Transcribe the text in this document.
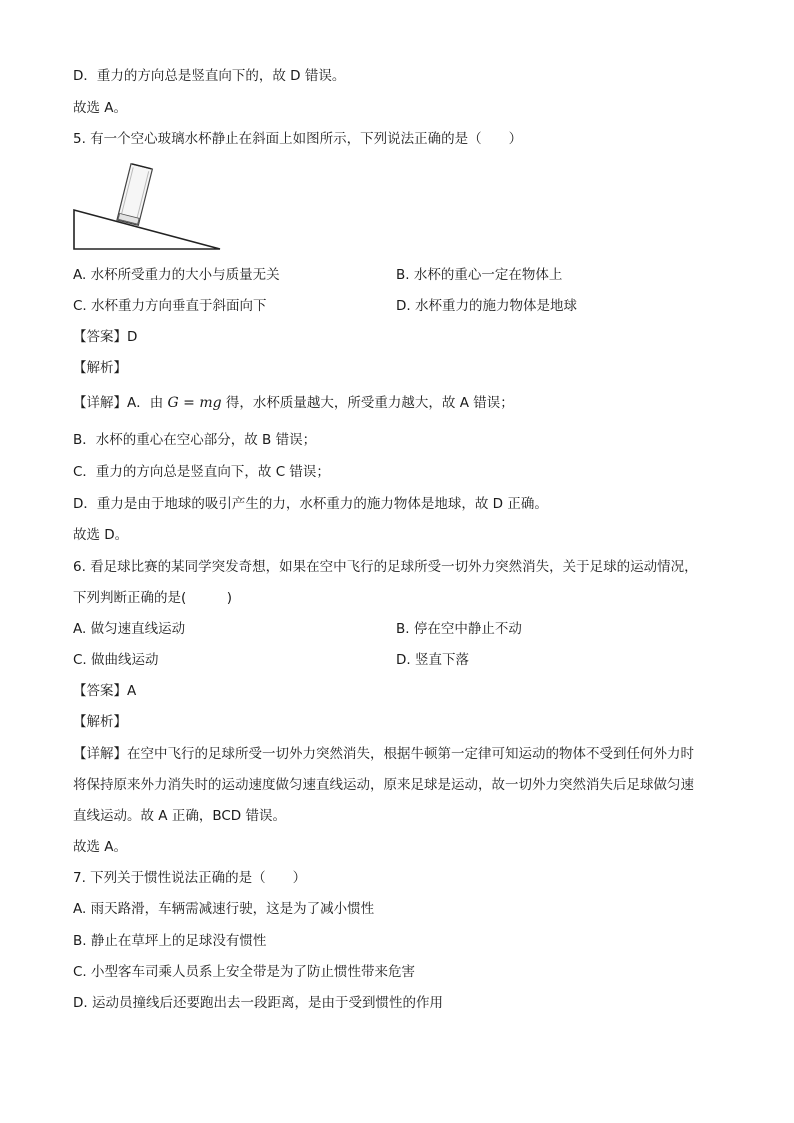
D．重力的方向总是竖直向下的，故 D 错误。
故选 A。
5. 有一个空心玻璃水杯静止在斜面上如图所示，下列说法正确的是（　　）
A. 水杯所受重力的大小与质量无关	B. 水杯的重心一定在物体上
C. 水杯重力方向垂直于斜面向下	D. 水杯重力的施力物体是地球
【答案】D
【解析】
【详解】A．由 G = mg 得，水杯质量越大，所受重力越大，故 A 错误；
B．水杯的重心在空心部分，故 B 错误；
C．重力的方向总是竖直向下，故 C 错误；
D．重力是由于地球的吸引产生的力，水杯重力的施力物体是地球，故 D 正确。
故选 D。
6. 看足球比赛的某同学突发奇想，如果在空中飞行的足球所受一切外力突然消失，关于足球的运动情况，
下列判断正确的是(　　　)
A. 做匀速直线运动	B. 停在空中静止不动
C. 做曲线运动	D. 竖直下落
【答案】A
【解析】
【详解】在空中飞行的足球所受一切外力突然消失，根据牛顿第一定律可知运动的物体不受到任何外力时
将保持原来外力消失时的运动速度做匀速直线运动，原来足球是运动，故一切外力突然消失后足球做匀速
直线运动。故 A 正确，BCD 错误。
故选 A。
7. 下列关于惯性说法正确的是（　　）
A. 雨天路滑，车辆需减速行驶，这是为了减小惯性
B. 静止在草坪上的足球没有惯性
C. 小型客车司乘人员系上安全带是为了防止惯性带来危害
D. 运动员撞线后还要跑出去一段距离，是由于受到惯性的作用
